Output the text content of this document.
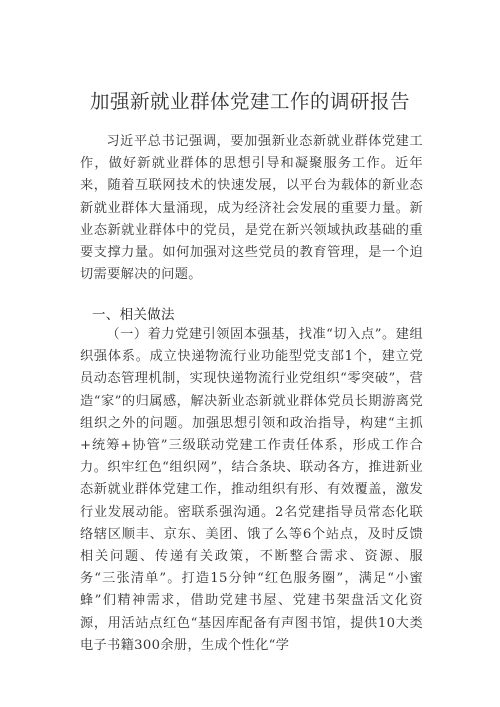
加强新就业群体党建工作的调研报告

习近平总书记强调，要加强新业态新就业群体党建工作，做好新就业群体的思想引导和凝聚服务工作。近年来，随着互联网技术的快速发展，以平台为载体的新业态新就业群体大量涌现，成为经济社会发展的重要力量。新业态新就业群体中的党员，是党在新兴领域执政基础的重要支撑力量。如何加强对这些党员的教育管理，是一个迫切需要解决的问题。

一、相关做法

（一）着力党建引领固本强基，找准“切入点”。建组织强体系。成立快递物流行业功能型党支部1个，建立党员动态管理机制，实现快递物流行业党组织“零突破”，营造“家”的归属感，解决新业态新就业群体党员长期游离党组织之外的问题。加强思想引领和政治指导，构建“主抓+统筹+协管”三级联动党建工作责任体系，形成工作合力。织牢红色“组织网”，结合条块、联动各方，推进新业态新就业群体党建工作，推动组织有形、有效覆盖，激发行业发展动能。密联系强沟通。2名党建指导员常态化联络辖区顺丰、京东、美团、饿了么等6个站点，及时反馈相关问题、传递有关政策，不断整合需求、资源、服务“三张清单”。打造15分钟“红色服务圈”，满足“小蜜蜂”们精神需求，借助党建书屋、党建书架盘活文化资源，用活站点红色“基因库配备有声图书馆，提供10大类电子书籍300余册，生成个性化“学
